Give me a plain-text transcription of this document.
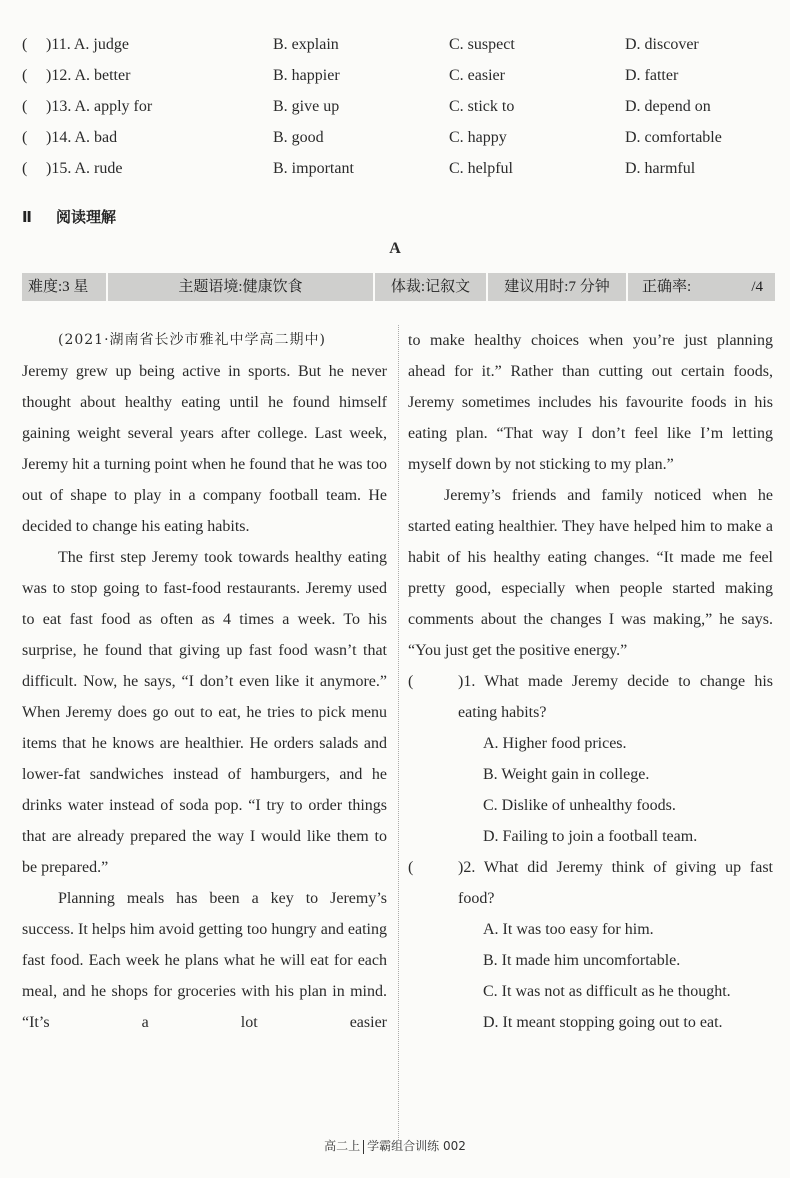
( )11. A. judge	B. explain	C. suspect	D. discover
( )12. A. better	B. happier	C. easier	D. fatter
( )13. A. apply for	B. give up	C. stick to	D. depend on
( )14. A. bad	B. good	C. happy	D. comfortable
( )15. A. rude	B. important	C. helpful	D. harmful
Ⅱ 阅读理解
A
难度:3 星	主题语境:健康饮食	体裁:记叙文	建议用时:7 分钟	正确率:	/4

(2021·湖南省长沙市雅礼中学高二期中)

Jeremy grew up being active in sports. But he never thought about healthy eating until he found himself gaining weight several years after college. Last week, Jeremy hit a turning point when he found that he was too out of shape to play in a company football team. He decided to change his eating habits.

The first step Jeremy took towards healthy eating was to stop going to fast-food restaurants. Jeremy used to eat fast food as often as 4 times a week. To his surprise, he found that giving up fast food wasn’t that difficult. Now, he says, “I don’t even like it anymore.” When Jeremy does go out to eat, he tries to pick menu items that he knows are healthier. He orders salads and lower-fat sandwiches instead of hamburgers, and he drinks water instead of soda pop. “I try to order things that are already prepared the way I would like them to be prepared.”

Planning meals has been a key to Jeremy’s success. It helps him avoid getting too hungry and eating fast food. Each week he plans what he will eat for each meal, and he shops for groceries with his plan in mind. “It’s a lot easier

to make healthy choices when you’re just planning ahead for it.” Rather than cutting out certain foods, Jeremy sometimes includes his favourite foods in his eating plan. “That way I don’t feel like I’m letting myself down by not sticking to my plan.”

Jeremy’s friends and family noticed when he started eating healthier. They have helped him to make a habit of his healthy eating changes. “It made me feel pretty good, especially when people started making comments about the changes I was making,” he says. “You just get the positive energy.”

(	)1. What made Jeremy decide to change his eating habits?
A. Higher food prices.
B. Weight gain in college.
C. Dislike of unhealthy foods.
D. Failing to join a football team.
(	)2. What did Jeremy think of giving up fast food?
A. It was too easy for him.
B. It made him uncomfortable.
C. It was not as difficult as he thought.
D. It meant stopping going out to eat.
高二上 学霸组合训练 002
